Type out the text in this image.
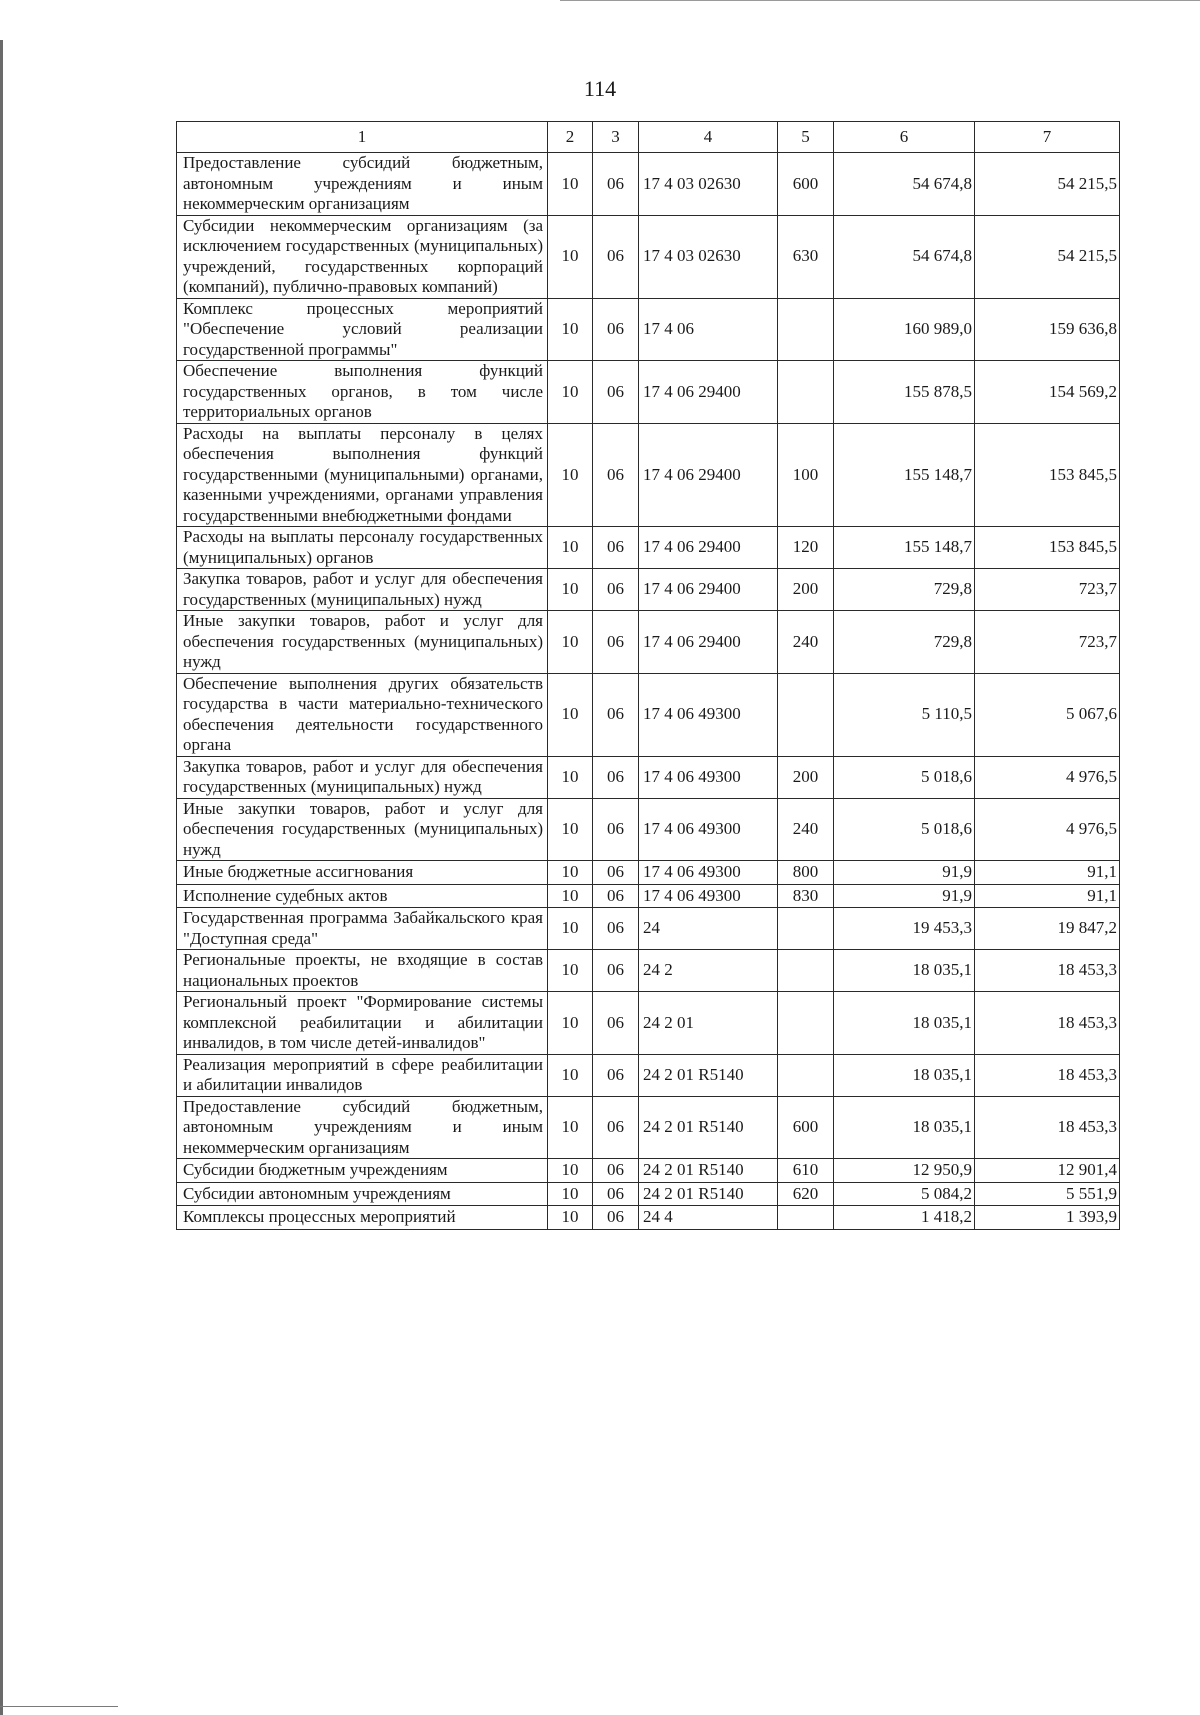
114
1	2	3	4	5	6	7
Предоставление субсидий бюджетным, автономным учреждениям и иным некоммерческим организациям	10	06	17 4 03 02630	600	54 674,8	54 215,5
Субсидии некоммерческим организациям (за исключением государственных (муниципальных) учреждений, государственных корпораций (компаний), публично-правовых компаний)	10	06	17 4 03 02630	630	54 674,8	54 215,5
Комплекс процессных мероприятий "Обеспечение условий реализации государственной программы"	10	06	17 4 06		160 989,0	159 636,8
Обеспечение выполнения функций государственных органов, в том числе территориальных органов	10	06	17 4 06 29400		155 878,5	154 569,2
Расходы на выплаты персоналу в целях обеспечения выполнения функций государственными (муниципальными) органами, казенными учреждениями, органами управления государственными внебюджетными фондами	10	06	17 4 06 29400	100	155 148,7	153 845,5
Расходы на выплаты персоналу государственных (муниципальных) органов	10	06	17 4 06 29400	120	155 148,7	153 845,5
Закупка товаров, работ и услуг для обеспечения государственных (муниципальных) нужд	10	06	17 4 06 29400	200	729,8	723,7
Иные закупки товаров, работ и услуг для обеспечения государственных (муниципальных) нужд	10	06	17 4 06 29400	240	729,8	723,7
Обеспечение выполнения других обязательств государства в части материально-технического обеспечения деятельности государственного органа	10	06	17 4 06 49300		5 110,5	5 067,6
Закупка товаров, работ и услуг для обеспечения государственных (муниципальных) нужд	10	06	17 4 06 49300	200	5 018,6	4 976,5
Иные закупки товаров, работ и услуг для обеспечения государственных (муниципальных) нужд	10	06	17 4 06 49300	240	5 018,6	4 976,5
Иные бюджетные ассигнования	10	06	17 4 06 49300	800	91,9	91,1
Исполнение судебных актов	10	06	17 4 06 49300	830	91,9	91,1
Государственная программа Забайкальского края "Доступная среда"	10	06	24		19 453,3	19 847,2
Региональные проекты, не входящие в состав национальных проектов	10	06	24 2		18 035,1	18 453,3
Региональный проект "Формирование системы комплексной реабилитации и абилитации инвалидов, в том числе детей-инвалидов"	10	06	24 2 01		18 035,1	18 453,3
Реализация мероприятий в сфере реабилитации и абилитации инвалидов	10	06	24 2 01 R5140		18 035,1	18 453,3
Предоставление субсидий бюджетным, автономным учреждениям и иным некоммерческим организациям	10	06	24 2 01 R5140	600	18 035,1	18 453,3
Субсидии бюджетным учреждениям	10	06	24 2 01 R5140	610	12 950,9	12 901,4
Субсидии автономным учреждениям	10	06	24 2 01 R5140	620	5 084,2	5 551,9
Комплексы процессных мероприятий	10	06	24 4		1 418,2	1 393,9
